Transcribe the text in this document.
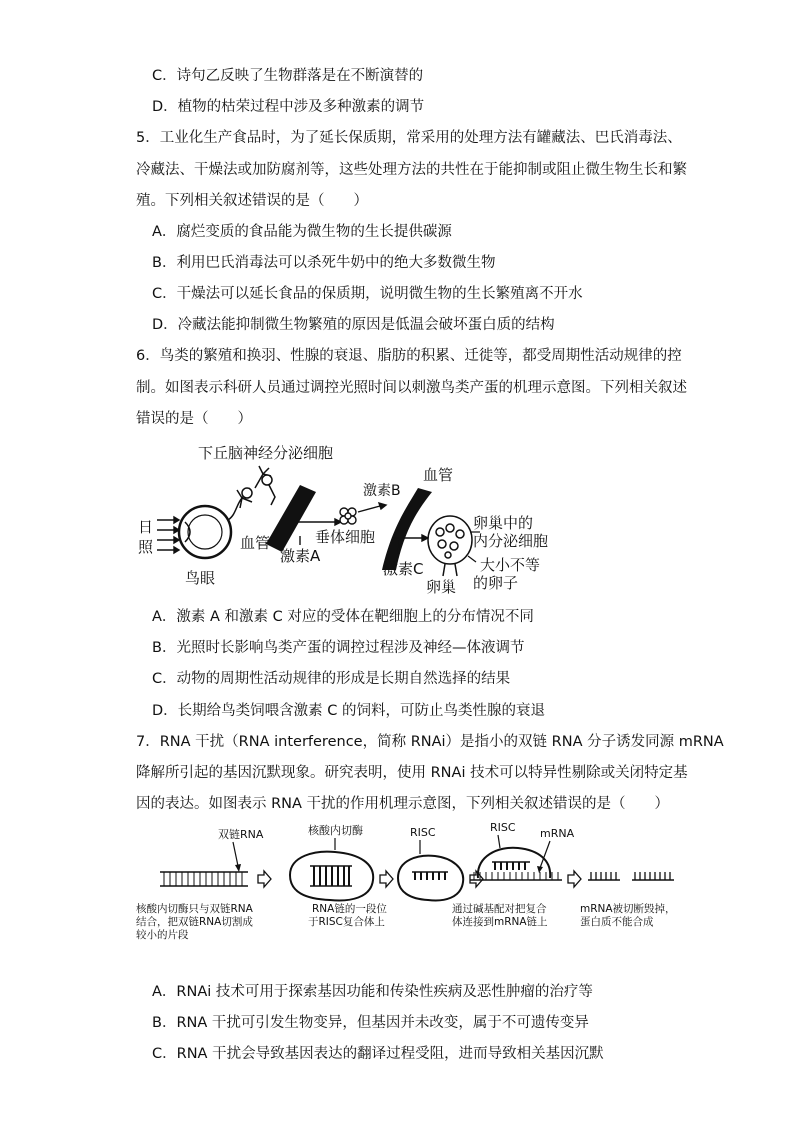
C．诗句乙反映了生物群落是在不断演替的
D．植物的枯荣过程中涉及多种激素的调节
5．工业化生产食品时，为了延长保质期，常采用的处理方法有罐藏法、巴氏消毒法、
冷藏法、干燥法或加防腐剂等，这些处理方法的共性在于能抑制或阻止微生物生长和繁
殖。下列相关叙述错误的是（　　）
A．腐烂变质的食品能为微生物的生长提供碳源
B．利用巴氏消毒法可以杀死牛奶中的绝大多数微生物
C．干燥法可以延长食品的保质期，说明微生物的生长繁殖离不开水
D．冷藏法能抑制微生物繁殖的原因是低温会破坏蛋白质的结构
6．鸟类的繁殖和换羽、性腺的衰退、脂肪的积累、迁徙等，都受周期性活动规律的控
制。如图表示科研人员通过调控光照时间以刺激鸟类产蛋的机理示意图。下列相关叙述
错误的是（　　）
下丘脑神经分泌细胞
日
照
鸟眼
血管
激素A
垂体细胞
激素B
血管
激素C
卵巢
卵巢中的
内分泌细胞
大小不等
的卵子
A．激素 A 和激素 C 对应的受体在靶细胞上的分布情况不同
B．光照时长影响鸟类产蛋的调控过程涉及神经—体液调节
C．动物的周期性活动规律的形成是长期自然选择的结果
D．长期给鸟类饲喂含激素 C 的饲料，可防止鸟类性腺的衰退
7．RNA 干扰（RNA interference，简称 RNAi）是指小的双链 RNA 分子诱发同源 mRNA
降解所引起的基因沉默现象。研究表明，使用 RNAi 技术可以特异性剔除或关闭特定基
因的表达。如图表示 RNA 干扰的作用机理示意图，下列相关叙述错误的是（　　）
双链RNA	核酸内切酶	RISC	RISC mRNA
核酸内切酶只与双链RNA
结合，把双链RNA切割成
较小的片段
RNA链的一段位
于RISC复合体上
通过碱基配对把复合
体连接到mRNA链上
mRNA被切断毁掉，
蛋白质不能合成
A．RNAi 技术可用于探索基因功能和传染性疾病及恶性肿瘤的治疗等
B．RNA 干扰可引发生物变异，但基因并未改变，属于不可遗传变异
C．RNA 干扰会导致基因表达的翻译过程受阻，进而导致相关基因沉默
